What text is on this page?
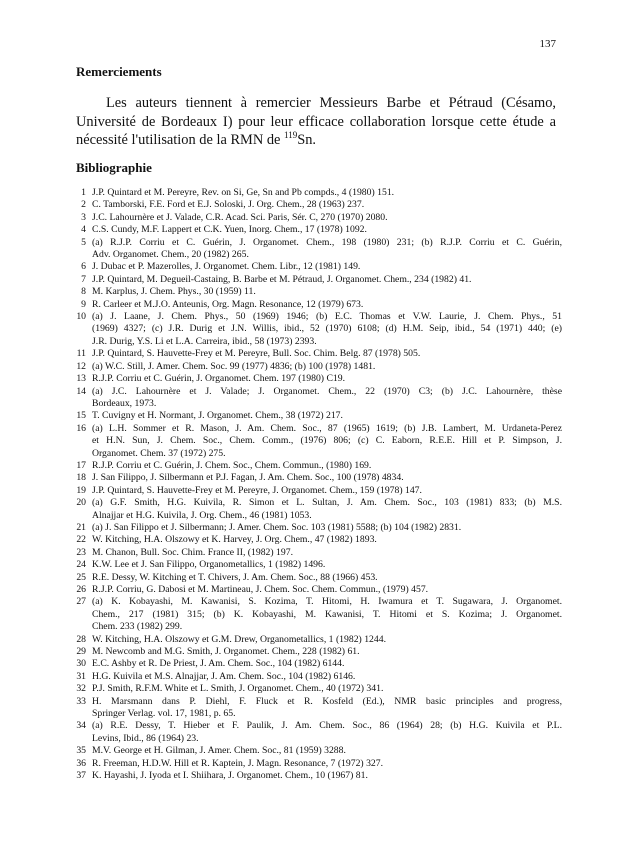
137
Remerciements

Les auteurs tiennent à remercier Messieurs Barbe et Pétraud (Césamo, Université de Bordeaux I) pour leur efficace collaboration lorsque cette étude a nécessité l'utilisation de la RMN de $^{119}$Sn.

Bibliographie
1 J.P. Quintard et M. Pereyre, Rev. on Si, Ge, Sn and Pb compds., 4 (1980) 151.
2 C. Tamborski, F.E. Ford et E.J. Soloski, J. Org. Chem., 28 (1963) 237.
3 J.C. Lahournère et J. Valade, C.R. Acad. Sci. Paris, Sér. C, 270 (1970) 2080.
4 C.S. Cundy, M.F. Lappert et C.K. Yuen, Inorg. Chem., 17 (1978) 1092.
5 (a) R.J.P. Corriu et C. Guérin, J. Organomet. Chem., 198 (1980) 231; (b) R.J.P. Corriu et C. Guérin,
Adv. Organomet. Chem., 20 (1982) 265.
6 J. Dubac et P. Mazerolles, J. Organomet. Chem. Libr., 12 (1981) 149.
7 J.P. Quintard, M. Degueil-Castaing, B. Barbe et M. Pétraud, J. Organomet. Chem., 234 (1982) 41.
8 M. Karplus, J. Chem. Phys., 30 (1959) 11.
9 R. Carleer et M.J.O. Anteunis, Org. Magn. Resonance, 12 (1979) 673.
10 (a) J. Laane, J. Chem. Phys., 50 (1969) 1946; (b) E.C. Thomas et V.W. Laurie, J. Chem. Phys., 51
(1969) 4327; (c) J.R. Durig et J.N. Willis, ibid., 52 (1970) 6108; (d) H.M. Seip, ibid., 54 (1971) 440; (e)
J.R. Durig, Y.S. Li et L.A. Carreira, ibid., 58 (1973) 2393.
11 J.P. Quintard, S. Hauvette-Frey et M. Pereyre, Bull. Soc. Chim. Belg. 87 (1978) 505.
12 (a) W.C. Still, J. Amer. Chem. Soc. 99 (1977) 4836; (b) 100 (1978) 1481.
13 R.J.P. Corriu et C. Guérin, J. Organomet. Chem. 197 (1980) C19.
14 (a) J.C. Lahournère et J. Valade; J. Organomet. Chem., 22 (1970) C3; (b) J.C. Lahournère, thèse
Bordeaux, 1973.
15 T. Cuvigny et H. Normant, J. Organomet. Chem., 38 (1972) 217.
16 (a) L.H. Sommer et R. Mason, J. Am. Chem. Soc., 87 (1965) 1619; (b) J.B. Lambert, M. Urdaneta-Perez
et H.N. Sun, J. Chem. Soc., Chem. Comm., (1976) 806; (c) C. Eaborn, R.E.E. Hill et P. Simpson, J.
Organomet. Chem. 37 (1972) 275.
17 R.J.P. Corriu et C. Guérin, J. Chem. Soc., Chem. Commun., (1980) 169.
18 J. San Filippo, J. Silbermann et P.J. Fagan, J. Am. Chem. Soc., 100 (1978) 4834.
19 J.P. Quintard, S. Hauvette-Frey et M. Pereyre, J. Organomet. Chem., 159 (1978) 147.
20 (a) G.F. Smith, H.G. Kuivila, R. Simon et L. Sultan, J. Am. Chem. Soc., 103 (1981) 833; (b) M.S.
Alnajjar et H.G. Kuivila, J. Org. Chem., 46 (1981) 1053.
21 (a) J. San Filippo et J. Silbermann; J. Amer. Chem. Soc. 103 (1981) 5588; (b) 104 (1982) 2831.
22 W. Kitching, H.A. Olszowy et K. Harvey, J. Org. Chem., 47 (1982) 1893.
23 M. Chanon, Bull. Soc. Chim. France II, (1982) 197.
24 K.W. Lee et J. San Filippo, Organometallics, 1 (1982) 1496.
25 R.E. Dessy, W. Kitching et T. Chivers, J. Am. Chem. Soc., 88 (1966) 453.
26 R.J.P. Corriu, G. Dabosi et M. Martineau, J. Chem. Soc. Chem. Commun., (1979) 457.
27 (a) K. Kobayashi, M. Kawanisi, S. Kozima, T. Hitomi, H. Iwamura et T. Sugawara, J. Organomet.
Chem., 217 (1981) 315; (b) K. Kobayashi, M. Kawanisi, T. Hitomi et S. Kozima; J. Organomet.
Chem. 233 (1982) 299.
28 W. Kitching, H.A. Olszowy et G.M. Drew, Organometallics, 1 (1982) 1244.
29 M. Newcomb and M.G. Smith, J. Organomet. Chem., 228 (1982) 61.
30 E.C. Ashby et R. De Priest, J. Am. Chem. Soc., 104 (1982) 6144.
31 H.G. Kuivila et M.S. Alnajjar, J. Am. Chem. Soc., 104 (1982) 6146.
32 P.J. Smith, R.F.M. White et L. Smith, J. Organomet. Chem., 40 (1972) 341.
33 H. Marsmann dans P. Diehl, F. Fluck et R. Kosfeld (Ed.), NMR basic principles and progress,
Springer Verlag. vol. 17, 1981, p. 65.
34 (a) R.E. Dessy, T. Hieber et F. Paulik, J. Am. Chem. Soc., 86 (1964) 28; (b) H.G. Kuivila et P.L.
Levins, Ibid., 86 (1964) 23.
35 M.V. George et H. Gilman, J. Amer. Chem. Soc., 81 (1959) 3288.
36 R. Freeman, H.D.W. Hill et R. Kaptein, J. Magn. Resonance, 7 (1972) 327.
37 K. Hayashi, J. Iyoda et I. Shiihara, J. Organomet. Chem., 10 (1967) 81.
